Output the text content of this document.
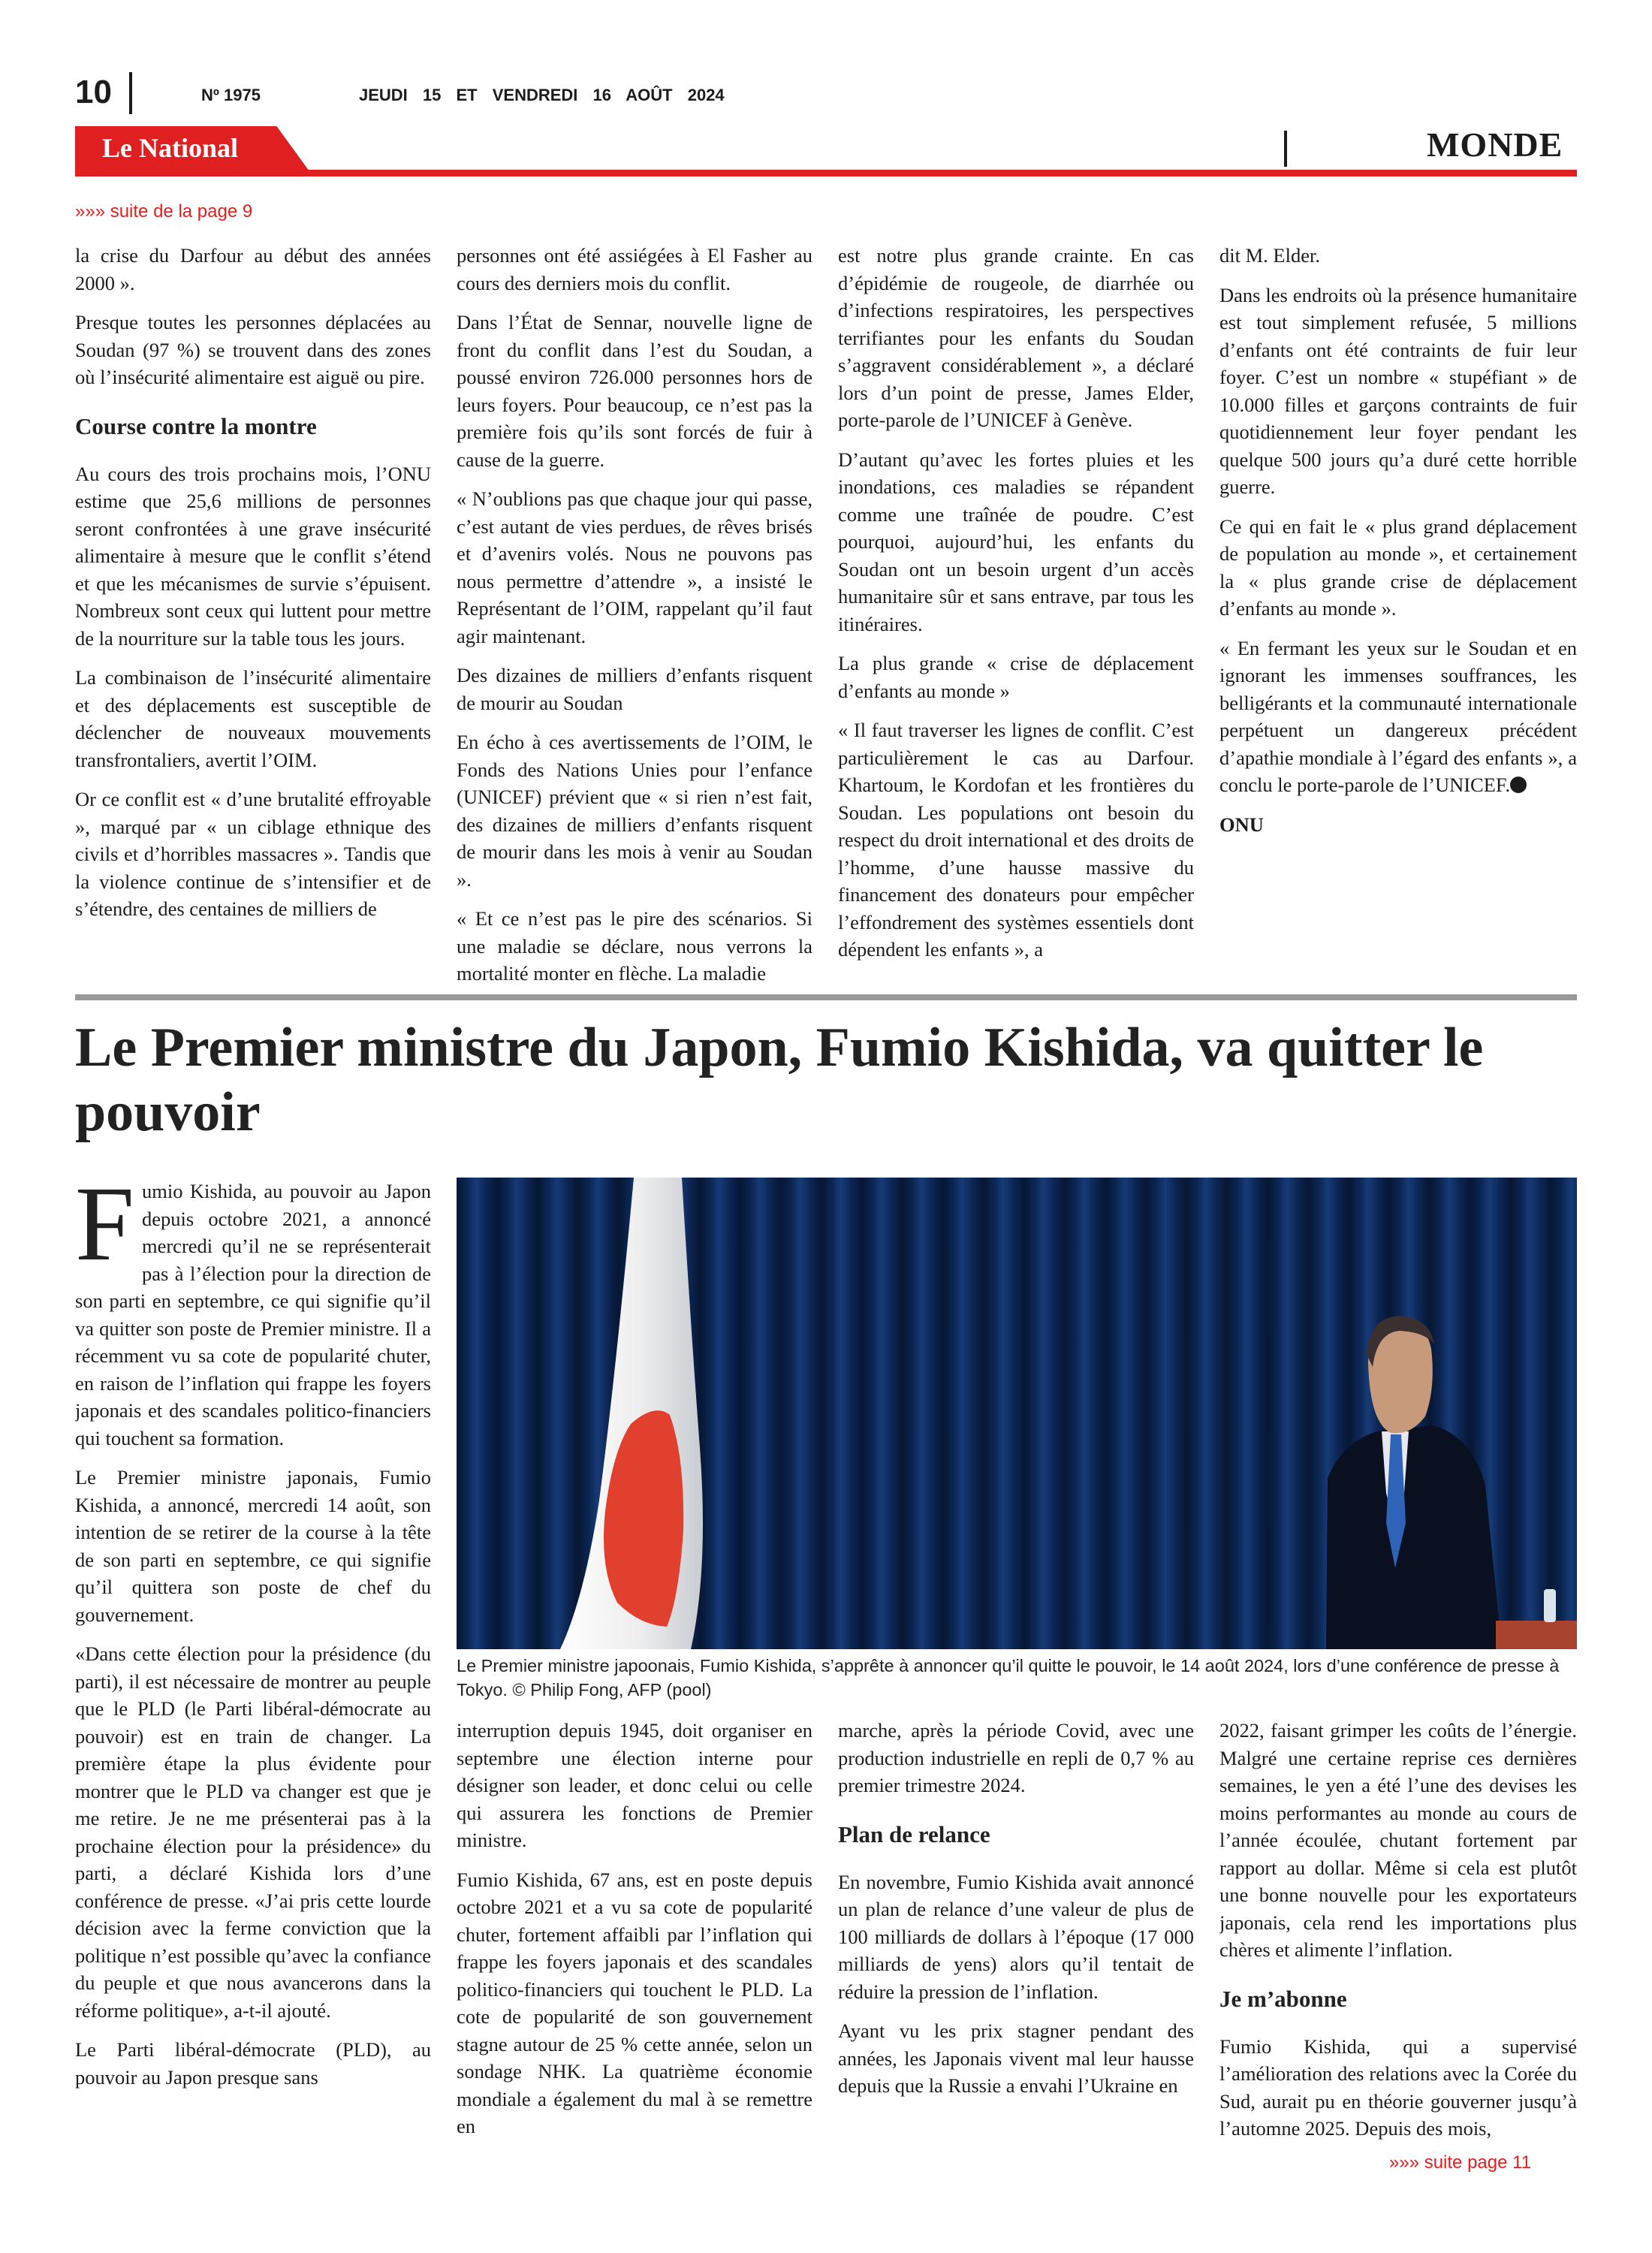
10	Nº 1975	JEUDI 15 ET VENDREDI 16 AOÛT 2024
Le National	MONDE
»»» suite de la page 9

la crise du Darfour au début des années 2000 ».

Presque toutes les personnes déplacées au Soudan (97 %) se trouvent dans des zones où l’insécurité alimentaire est aiguë ou pire.

Course contre la montre

Au cours des trois prochains mois, l’ONU estime que 25,6 millions de personnes seront confrontées à une grave insécurité alimentaire à mesure que le conflit s’étend et que les mécanismes de survie s’épuisent. Nombreux sont ceux qui luttent pour mettre de la nourriture sur la table tous les jours.

La combinaison de l’insécurité alimentaire et des déplacements est susceptible de déclencher de nouveaux mouvements transfrontaliers, avertit l’OIM.

Or ce conflit est « d’une brutalité effroyable », marqué par « un ciblage ethnique des civils et d’horribles massacres ». Tandis que la violence continue de s’intensifier et de s’étendre, des centaines de milliers de

personnes ont été assiégées à El Fasher au cours des derniers mois du conflit.

Dans l’État de Sennar, nouvelle ligne de front du conflit dans l’est du Soudan, a poussé environ 726.000 personnes hors de leurs foyers. Pour beaucoup, ce n’est pas la première fois qu’ils sont forcés de fuir à cause de la guerre.

« N’oublions pas que chaque jour qui passe, c’est autant de vies perdues, de rêves brisés et d’avenirs volés. Nous ne pouvons pas nous permettre d’attendre », a insisté le Représentant de l’OIM, rappelant qu’il faut agir maintenant.

Des dizaines de milliers d’enfants risquent de mourir au Soudan

En écho à ces avertissements de l’OIM, le Fonds des Nations Unies pour l’enfance (UNICEF) prévient que « si rien n’est fait, des dizaines de milliers d’enfants risquent de mourir dans les mois à venir au Soudan ».

« Et ce n’est pas le pire des scénarios. Si une maladie se déclare, nous verrons la mortalité monter en flèche. La maladie

est notre plus grande crainte. En cas d’épidémie de rougeole, de diarrhée ou d’infections respiratoires, les perspectives terrifiantes pour les enfants du Soudan s’aggravent considérablement », a déclaré lors d’un point de presse, James Elder, porte-parole de l’UNICEF à Genève.

D’autant qu’avec les fortes pluies et les inondations, ces maladies se répandent comme une traînée de poudre. C’est pourquoi, aujourd’hui, les enfants du Soudan ont un besoin urgent d’un accès humanitaire sûr et sans entrave, par tous les itinéraires.

La plus grande « crise de déplacement d’enfants au monde »

« Il faut traverser les lignes de conflit. C’est particulièrement le cas au Darfour. Khartoum, le Kordofan et les frontières du Soudan. Les populations ont besoin du respect du droit international et des droits de l’homme, d’une hausse massive du financement des donateurs pour empêcher l’effondrement des systèmes essentiels dont dépendent les enfants », a

dit M. Elder.

Dans les endroits où la présence humanitaire est tout simplement refusée, 5 millions d’enfants ont été contraints de fuir leur foyer. C’est un nombre « stupéfiant » de 10.000 filles et garçons contraints de fuir quotidiennement leur foyer pendant les quelque 500 jours qu’a duré cette horrible guerre.

Ce qui en fait le « plus grand déplacement de population au monde », et certainement la « plus grande crise de déplacement d’enfants au monde ».

« En fermant les yeux sur le Soudan et en ignorant les immenses souffrances, les belligérants et la communauté internationale perpétuent un dangereux précédent d’apathie mondiale à l’égard des enfants », a conclu le porte-parole de l’UNICEF.

ONU

Le Premier ministre du Japon, Fumio Kishida, va quitter le pouvoir

Fumio Kishida, au pouvoir au Japon depuis octobre 2021, a annoncé mercredi qu’il ne se représenterait pas à l’élection pour la direction de son parti en septembre, ce qui signifie qu’il va quitter son poste de Premier ministre. Il a récemment vu sa cote de popularité chuter, en raison de l’inflation qui frappe les foyers japonais et des scandales politico-financiers qui touchent sa formation.

Le Premier ministre japonais, Fumio Kishida, a annoncé, mercredi 14 août, son intention de se retirer de la course à la tête de son parti en septembre, ce qui signifie qu’il quittera son poste de chef du gouvernement.

«Dans cette élection pour la présidence (du parti), il est nécessaire de montrer au peuple que le PLD (le Parti libéral-démocrate au pouvoir) est en train de changer. La première étape la plus évidente pour montrer que le PLD va changer est que je me retire. Je ne me présenterai pas à la prochaine élection pour la présidence» du parti, a déclaré Kishida lors d’une conférence de presse. «J’ai pris cette lourde décision avec la ferme conviction que la politique n’est possible qu’avec la confiance du peuple et que nous avancerons dans la réforme politique», a-t-il ajouté.

Le Parti libéral-démocrate (PLD), au pouvoir au Japon presque sans

Le Premier ministre japoonais, Fumio Kishida, s’apprête à annoncer qu’il quitte le pouvoir, le 14 août 2024, lors d’une conférence de presse à Tokyo. © Philip Fong, AFP (pool)

interruption depuis 1945, doit organiser en septembre une élection interne pour désigner son leader, et donc celui ou celle qui assurera les fonctions de Premier ministre.

Fumio Kishida, 67 ans, est en poste depuis octobre 2021 et a vu sa cote de popularité chuter, fortement affaibli par l’inflation qui frappe les foyers japonais et des scandales politico-financiers qui touchent le PLD. La cote de popularité de son gouvernement stagne autour de 25 % cette année, selon un sondage NHK. La quatrième économie mondiale a également du mal à se remettre en

marche, après la période Covid, avec une production industrielle en repli de 0,7 % au premier trimestre 2024.

Plan de relance

En novembre, Fumio Kishida avait annoncé un plan de relance d’une valeur de plus de 100 milliards de dollars à l’époque (17 000 milliards de yens) alors qu’il tentait de réduire la pression de l’inflation.

Ayant vu les prix stagner pendant des années, les Japonais vivent mal leur hausse depuis que la Russie a envahi l’Ukraine en

2022, faisant grimper les coûts de l’énergie. Malgré une certaine reprise ces dernières semaines, le yen a été l’une des devises les moins performantes au monde au cours de l’année écoulée, chutant fortement par rapport au dollar. Même si cela est plutôt une bonne nouvelle pour les exportateurs japonais, cela rend les importations plus chères et alimente l’inflation.

Je m’abonne

Fumio Kishida, qui a supervisé l’amélioration des relations avec la Corée du Sud, aurait pu en théorie gouverner jusqu’à l’automne 2025. Depuis des mois,

»»» suite page 11
